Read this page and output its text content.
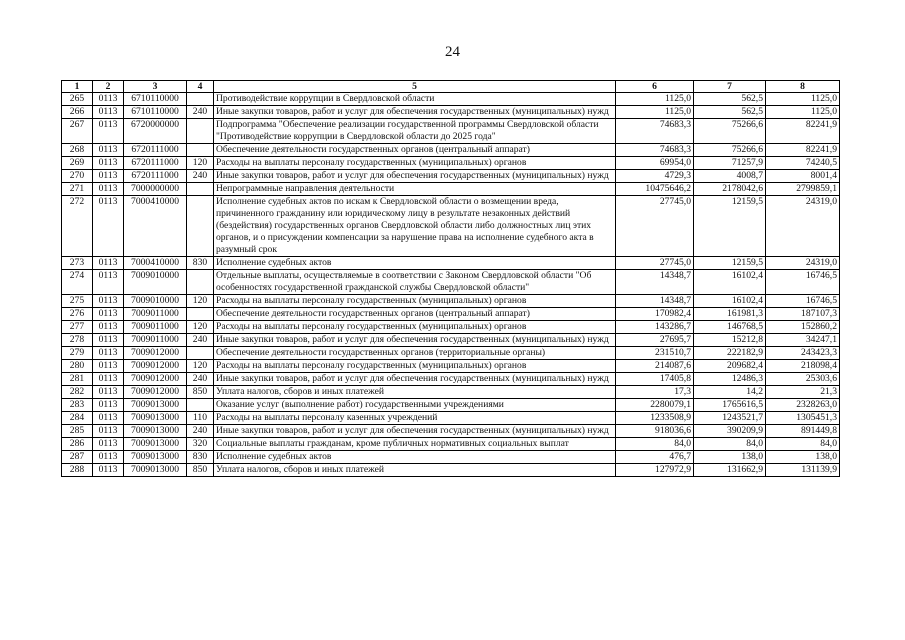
24
1	2	3	4	5	6	7	8
265	0113	6710110000		Противодействие коррупции в Свердловской области	1125,0	562,5	1125,0
266	0113	6710110000	240	Иные закупки товаров, работ и услуг для обеспечения государственных (муниципальных) нужд	1125,0	562,5	1125,0
267	0113	6720000000		Подпрограмма "Обеспечение реализации государственной программы Свердловской области "Противодействие коррупции в Свердловской области до 2025 года"	74683,3	75266,6	82241,9
268	0113	6720111000		Обеспечение деятельности государственных органов (центральный аппарат)	74683,3	75266,6	82241,9
269	0113	6720111000	120	Расходы на выплаты персоналу государственных (муниципальных) органов	69954,0	71257,9	74240,5
270	0113	6720111000	240	Иные закупки товаров, работ и услуг для обеспечения государственных (муниципальных) нужд	4729,3	4008,7	8001,4
271	0113	7000000000		Непрограммные направления деятельности	10475646,2	2178042,6	2799859,1
272	0113	7000410000		Исполнение судебных актов по искам к Свердловской области о возмещении вреда, причиненного гражданину или юридическому лицу в результате незаконных действий (бездействия) государственных органов Свердловской области либо должностных лиц этих органов, и о присуждении компенсации за нарушение права на исполнение судебного акта в разумный срок	27745,0	12159,5	24319,0
273	0113	7000410000	830	Исполнение судебных актов	27745,0	12159,5	24319,0
274	0113	7009010000		Отдельные выплаты, осуществляемые в соответствии с Законом Свердловской области "Об особенностях государственной гражданской службы Свердловской области"	14348,7	16102,4	16746,5
275	0113	7009010000	120	Расходы на выплаты персоналу государственных (муниципальных) органов	14348,7	16102,4	16746,5
276	0113	7009011000		Обеспечение деятельности государственных органов (центральный аппарат)	170982,4	161981,3	187107,3
277	0113	7009011000	120	Расходы на выплаты персоналу государственных (муниципальных) органов	143286,7	146768,5	152860,2
278	0113	7009011000	240	Иные закупки товаров, работ и услуг для обеспечения государственных (муниципальных) нужд	27695,7	15212,8	34247,1
279	0113	7009012000		Обеспечение деятельности государственных органов (территориальные органы)	231510,7	222182,9	243423,3
280	0113	7009012000	120	Расходы на выплаты персоналу государственных (муниципальных) органов	214087,6	209682,4	218098,4
281	0113	7009012000	240	Иные закупки товаров, работ и услуг для обеспечения государственных (муниципальных) нужд	17405,8	12486,3	25303,6
282	0113	7009012000	850	Уплата налогов, сборов и иных платежей	17,3	14,2	21,3
283	0113	7009013000		Оказание услуг (выполнение работ) государственными учреждениями	2280079,1	1765616,5	2328263,0
284	0113	7009013000	110	Расходы на выплаты персоналу казенных учреждений	1233508,9	1243521,7	1305451,3
285	0113	7009013000	240	Иные закупки товаров, работ и услуг для обеспечения государственных (муниципальных) нужд	918036,6	390209,9	891449,8
286	0113	7009013000	320	Социальные выплаты гражданам, кроме публичных нормативных социальных выплат	84,0	84,0	84,0
287	0113	7009013000	830	Исполнение судебных актов	476,7	138,0	138,0
288	0113	7009013000	850	Уплата налогов, сборов и иных платежей	127972,9	131662,9	131139,9
